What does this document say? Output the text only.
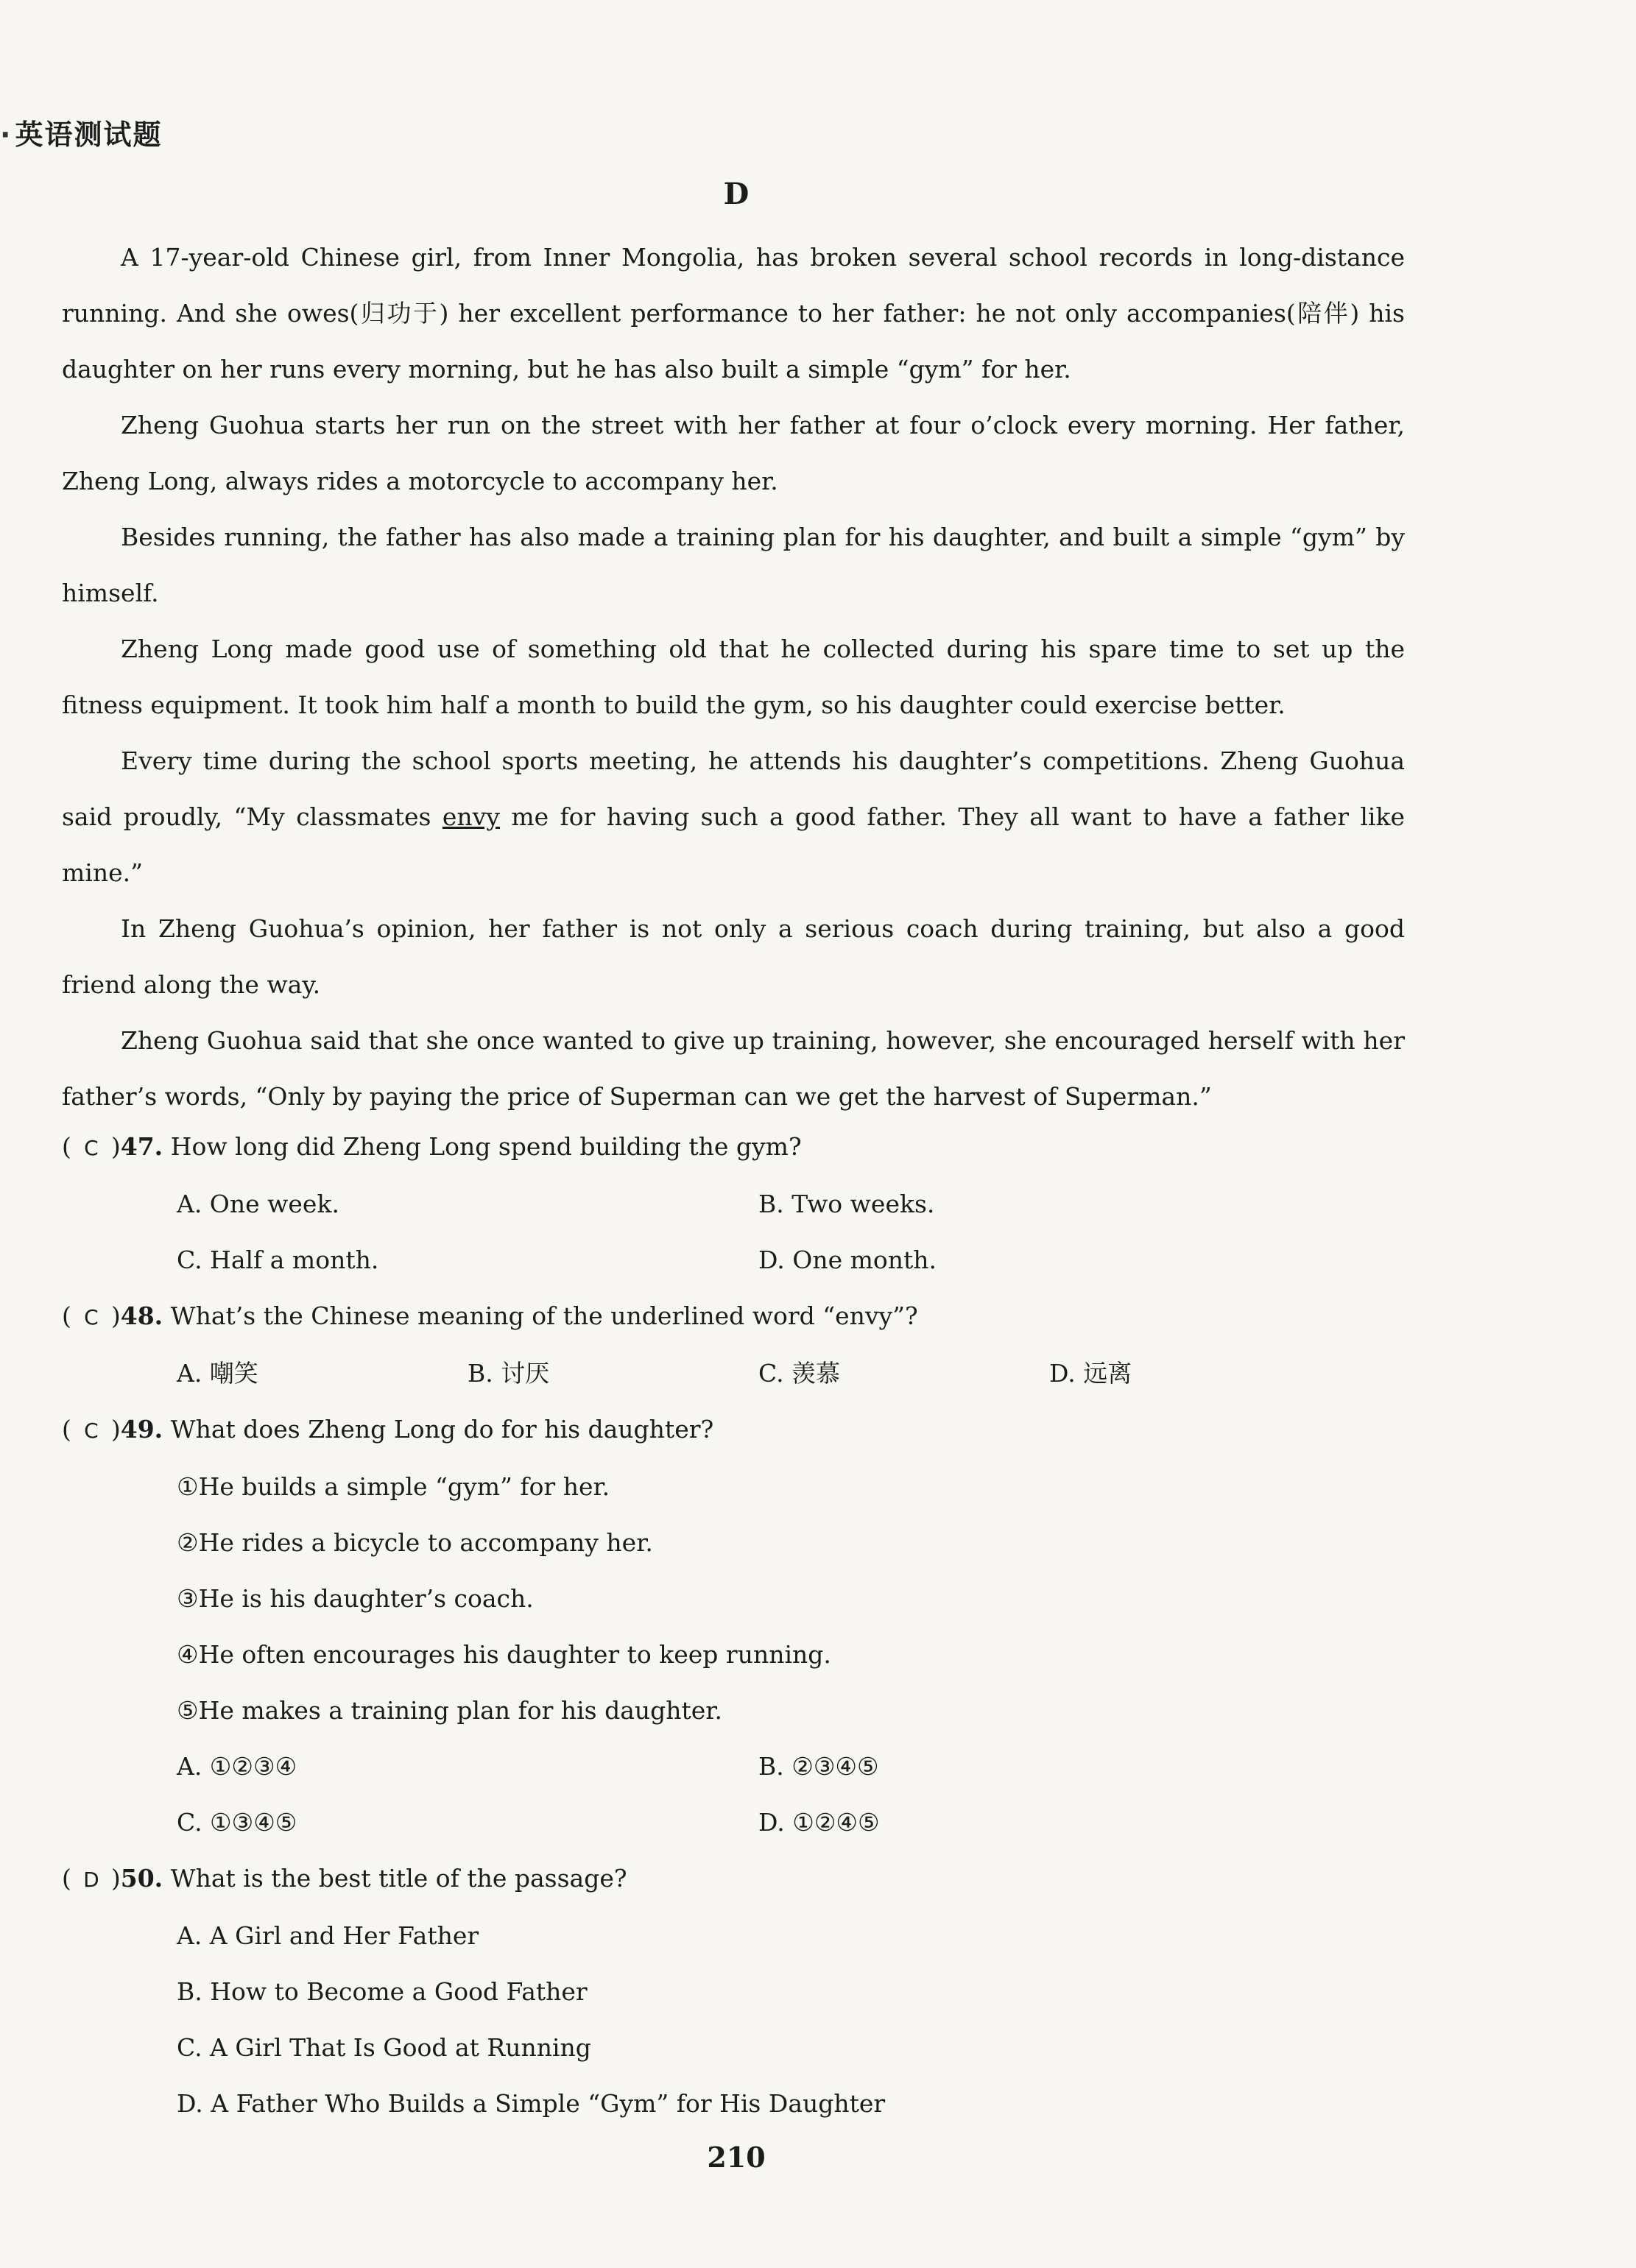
· 英语测试题
D

A 17-year-old Chinese girl, from Inner Mongolia, has broken several school records in long-distance running. And she owes(归功于) her excellent performance to her father: he not only accompanies(陪伴) his daughter on her runs every morning, but he has also built a simple “gym” for her.

Zheng Guohua starts her run on the street with her father at four o’clock every morning. Her father, Zheng Long, always rides a motorcycle to accompany her.

Besides running, the father has also made a training plan for his daughter, and built a simple “gym” by himself.

Zheng Long made good use of something old that he collected during his spare time to set up the fitness equipment. It took him half a month to build the gym, so his daughter could exercise better.

Every time during the school sports meeting, he attends his daughter’s competitions. Zheng Guohua said proudly, “My classmates envy me for having such a good father. They all want to have a father like mine.”

In Zheng Guohua’s opinion, her father is not only a serious coach during training, but also a good friend along the way.

Zheng Guohua said that she once wanted to give up training, however, she encouraged herself with her father’s words, “Only by paying the price of Superman can we get the harvest of Superman.”

( C )47. How long did Zheng Long spend building the gym?
A. One week.	B. Two weeks.
C. Half a month.	D. One month.
( C )48. What’s the Chinese meaning of the underlined word “envy”?
A. 嘲笑	B. 讨厌	C. 羡慕	D. 远离
( C )49. What does Zheng Long do for his daughter?
①He builds a simple “gym” for her.
②He rides a bicycle to accompany her.
③He is his daughter’s coach.
④He often encourages his daughter to keep running.
⑤He makes a training plan for his daughter.
A. ①②③④	B. ②③④⑤
C. ①③④⑤	D. ①②④⑤
( D )50. What is the best title of the passage?
A. A Girl and Her Father
B. How to Become a Good Father
C. A Girl That Is Good at Running
D. A Father Who Builds a Simple “Gym” for His Daughter
210
